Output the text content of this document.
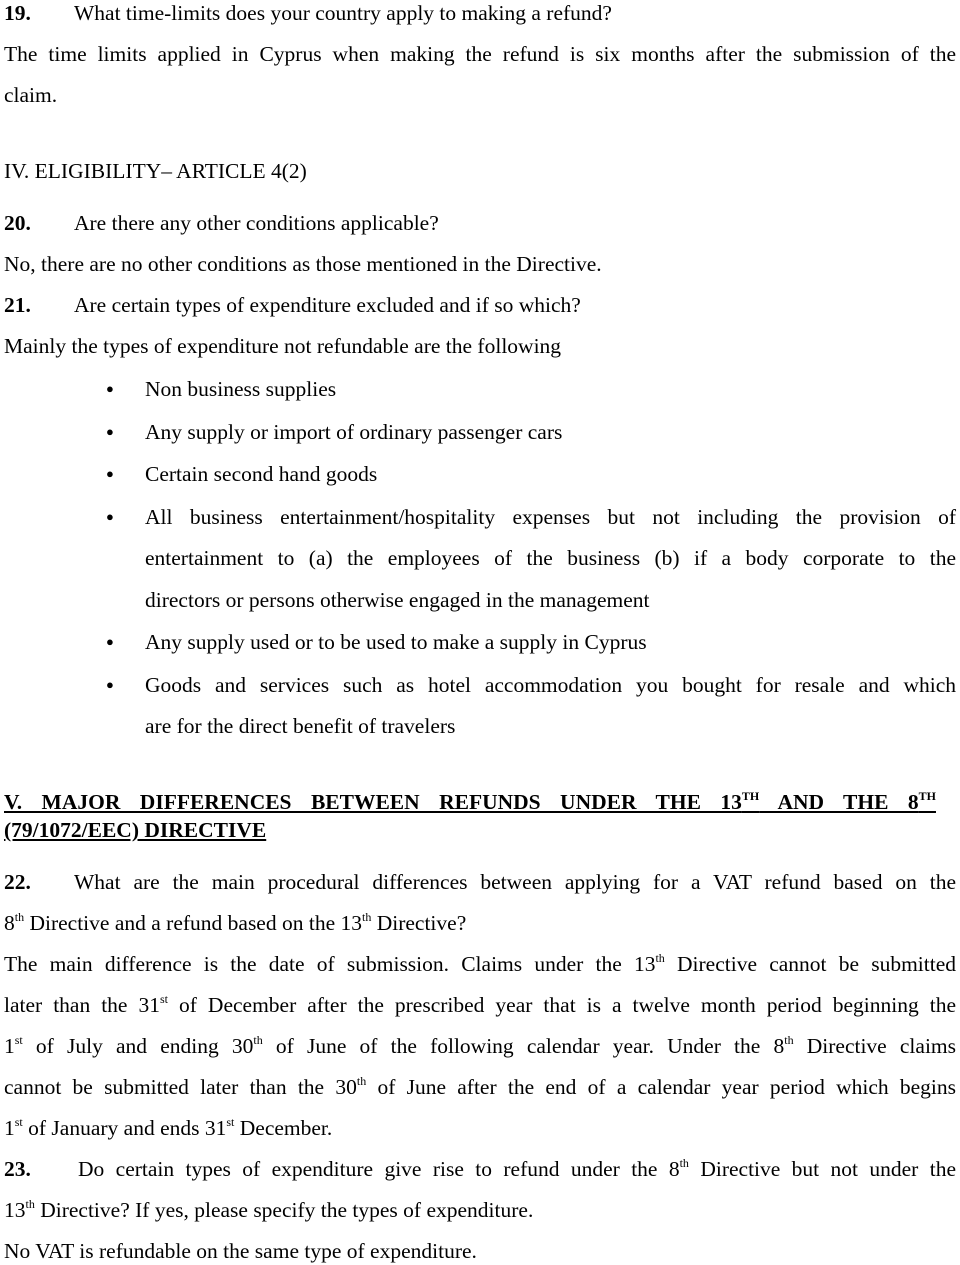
19. What time-limits does your country apply to making a refund?
The time limits applied in Cyprus when making the refund is six months after the submission of the
claim.
IV. ELIGIBILITY– ARTICLE 4(2)
20. Are there any other conditions applicable?
No, there are no other conditions as those mentioned in the Directive.
21. Are certain types of expenditure excluded and if so which?
Mainly the types of expenditure not refundable are the following
● Non business supplies
● Any supply or import of ordinary passenger cars
● Certain second hand goods
● All business entertainment/hospitality expenses but not including the provision of
entertainment to (a) the employees of the business (b) if a body corporate to the
directors or persons otherwise engaged in the management
● Any supply used or to be used to make a supply in Cyprus
● Goods and services such as hotel accommodation you bought for resale and which
are for the direct benefit of travelers
V. MAJOR DIFFERENCES BETWEEN REFUNDS UNDER THE 13TH AND THE 8TH
(79/1072/EEC) DIRECTIVE
22. What are the main procedural differences between applying for a VAT refund based on the
8th Directive and a refund based on the 13th Directive?
The main difference is the date of submission. Claims under the 13th Directive cannot be submitted
later than the 31st of December after the prescribed year that is a twelve month period beginning the
1st of July and ending 30th of June of the following calendar year. Under the 8th Directive claims
cannot be submitted later than the 30th of June after the end of a calendar year period which begins
1st of January and ends 31st December.
23. Do certain types of expenditure give rise to refund under the 8th Directive but not under the
13th Directive? If yes, please specify the types of expenditure.
No VAT is refundable on the same type of expenditure.
